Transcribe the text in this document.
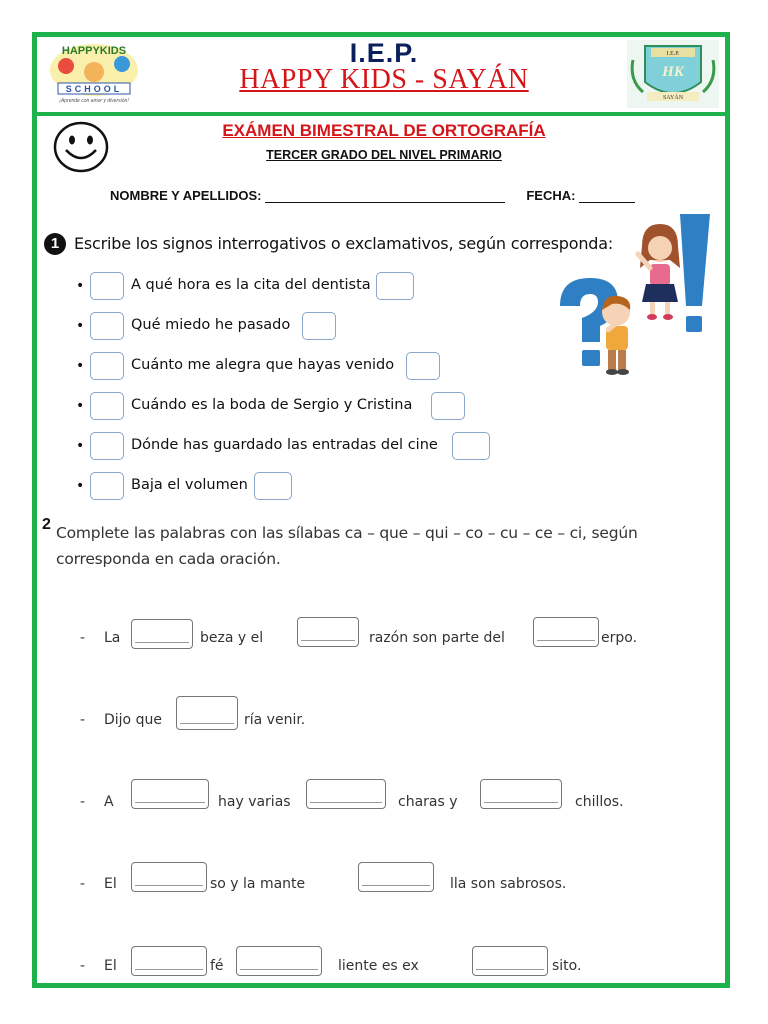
HAPPYKIDS
SCHOOL
¡Aprende con amor y diversión!
I.E.P.
HK
SAYÁN
I.E.P.
HAPPY KIDS - SAYÁN
EXÁMEN BIMESTRAL DE ORTOGRAFÍA
TERCER GRADO DEL NIVEL PRIMARIO
NOMBRE Y APELLIDOS:	FECHA:
1 Escribe los signos interrogativos o exclamativos, según corresponda:
•	A qué hora es la cita del dentista
•	Qué miedo he pasado
•	Cuánto me alegra que hayas venido
•	Cuándo es la boda de Sergio y Cristina
•	Dónde has guardado las entradas del cine
•	Baja el volumen
2 Complete las palabras con las sílabas ca – que – qui – co – cu – ce – ci, según
corresponda en cada oración.
- La	beza y el	razón son parte del	erpo.
- Dijo que	ría venir.
- A	hay varias	charas y	chillos.
- El	so y la mante	lla son sabrosos.
- El	fé	liente es ex	sito.
